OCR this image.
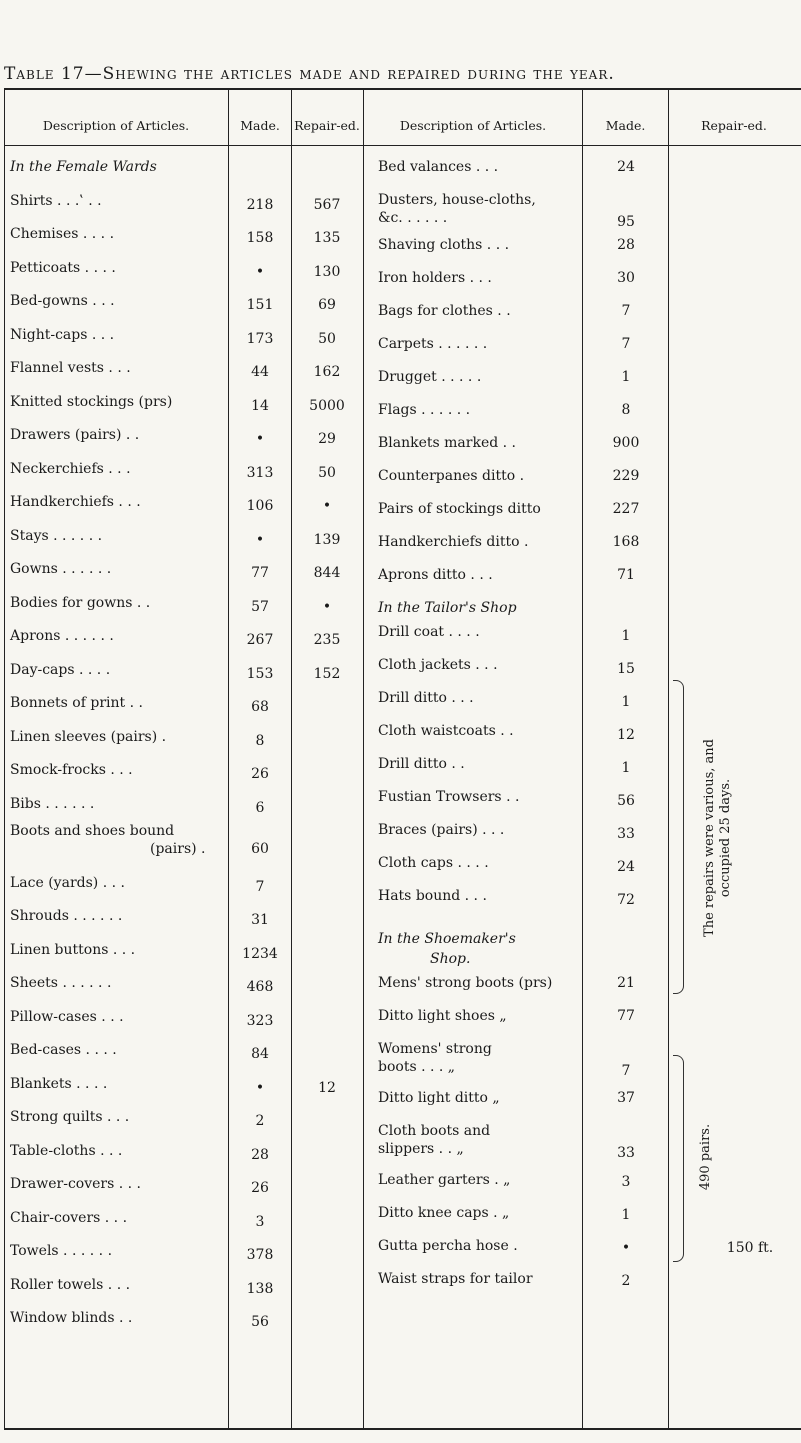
Table 17—Shewing the articles made and repaired during the year.
Description of Articles.	Made.	Repair-ed.	Description of Articles.	Made.	Repair-ed.
In the Female Wards
Shirts . . .‛ . .	218	567
Chemises . . . .	158	135
Petticoats . . . .	•	130
Bed-gowns . . .	151	69
Night-caps . . .	173	50
Flannel vests . . .	44	162
Knitted stockings (prs)	14	5000
Drawers (pairs) . .	•	29
Neckerchiefs . . .	313	50
Handkerchiefs . . .	106	•
Stays . . . . . .	•	139
Gowns . . . . . .	77	844
Bodies for gowns . .	57	•
Aprons . . . . . .	267	235
Day-caps . . . .	153	152
Bonnets of print . .	68
Linen sleeves (pairs) .	8
Smock-frocks . . .	26
Bibs . . . . . .	6
Boots and shoes bound
(pairs) .	60
Lace (yards) . . .	7
Shrouds . . . . . .	31
Linen buttons . . .	1234
Sheets . . . . . .	468
Pillow-cases . . .	323
Bed-cases . . . .	84
Blankets . . . .	•	12
Strong quilts . . .	2
Table-cloths . . .	28
Drawer-covers . . .	26
Chair-covers . . .	3
Towels . . . . . .	378
Roller towels . . .	138
Window blinds . .	56
Bed valances . . .	24
Dusters, house-cloths,
&c. . . . . .	95
Shaving cloths . . .	28
Iron holders . . .	30
Bags for clothes . .	7
Carpets . . . . . .	7
Drugget . . . . .	1
Flags . . . . . .	8
Blankets marked . .	900
Counterpanes ditto .	229
Pairs of stockings ditto	227
Handkerchiefs ditto .	168
Aprons ditto . . .	71
In the Tailor's Shop
Drill coat . . . .	1
Cloth jackets . . .	15
Drill ditto . . .	1
Cloth waistcoats . .	12
Drill ditto . .	1
Fustian Trowsers . .	56
Braces (pairs) . . .	33
Cloth caps . . . .	24
Hats bound . . .	72
In the Shoemaker's
Shop.
Mens' strong boots (prs)	21
Ditto light shoes „	77
Womens' strong
boots . . . „	7
Ditto light ditto „	37
Cloth boots and
slippers . . „	33
Leather garters . „	3
Ditto knee caps . „	1
Gutta percha hose .	•	150 ft.
Waist straps for tailor	2
The repairs were various, and occupied 25 days.
490 pairs.
